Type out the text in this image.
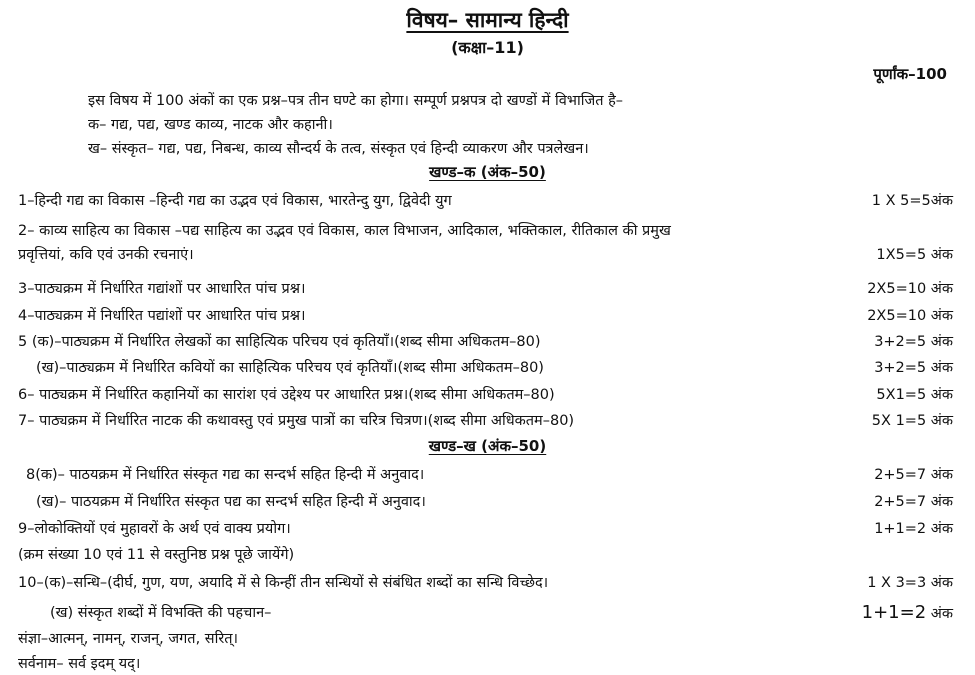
विषय– सामान्य हिन्दी
(कक्षा–11)
पूर्णांक–100
इस विषय में 100 अंकों का एक प्रश्न–पत्र तीन घण्टे का होगा। सम्पूर्ण प्रश्नपत्र दो खण्डों में विभाजित है–
क– गद्य, पद्य, खण्ड काव्य, नाटक और कहानी।
ख– संस्कृत– गद्य, पद्य, निबन्ध, काव्य सौन्दर्य के तत्व, संस्कृत एवं हिन्दी व्याकरण और पत्रलेखन।
खण्ड–क (अंक–50)
1–हिन्दी गद्य का विकास –हिन्दी गद्य का उद्भव एवं विकास, भारतेन्दु युग, द्विवेदी युग	1 X 5=5अंक
2– काव्य साहित्य का विकास –पद्य साहित्य का उद्भव एवं विकास, काल विभाजन, आदिकाल, भक्तिकाल, रीतिकाल की प्रमुख
प्रवृत्तियां, कवि एवं उनकी रचनाएं।	1X5=5 अंक
3–पाठ्यक्रम में निर्धारित गद्यांशों पर आधारित पांच प्रश्न।	2X5=10 अंक
4–पाठ्यक्रम में निर्धारित पद्यांशों पर आधारित पांच प्रश्न।	2X5=10 अंक
5 (क)–पाठ्यक्रम में निर्धारित लेखकों का साहित्यिक परिचय एवं कृतियॉं।(शब्द सीमा अधिकतम–80)	3+2=5 अंक
(ख)–पाठ्यक्रम में निर्धारित कवियों का साहित्यिक परिचय एवं कृतियॉं।(शब्द सीमा अधिकतम–80)	3+2=5 अंक
6– पाठ्यक्रम में निर्धारित कहानियों का सारांश एवं उद्देश्य पर आधारित प्रश्न।(शब्द सीमा अधिकतम–80)	5X1=5 अंक
7– पाठ्यक्रम में निर्धारित नाटक की कथावस्तु एवं प्रमुख पात्रों का चरित्र चित्रण।(शब्द सीमा अधिकतम–80)	5X 1=5 अंक
खण्ड–ख (अंक–50)
8(क)– पाठयक्रम में निर्धारित संस्कृत गद्य का सन्दर्भ सहित हिन्दी में अनुवाद।	2+5=7 अंक
(ख)– पाठयक्रम में निर्धारित संस्कृत पद्य का सन्दर्भ सहित हिन्दी में अनुवाद।	2+5=7 अंक
9–लोकोक्तियों एवं मुहावरों के अर्थ एवं वाक्य प्रयोग।	1+1=2 अंक
(क्रम संख्या 10 एवं 11 से वस्तुनिष्ठ प्रश्न पूछे जायेंगे)
10–(क)–सन्धि–(दीर्घ, गुण, यण, अयादि में से किन्हीं तीन सन्धियों से संबंधित शब्दों का सन्धि विच्छेद।	1 X 3=3 अंक
(ख) संस्कृत शब्दों में विभक्ति की पहचान–	1+1=2 अंक
संज्ञा–आत्मन्, नामन्, राजन्, जगत, सरित्।
सर्वनाम– सर्व इदम् यद्।
